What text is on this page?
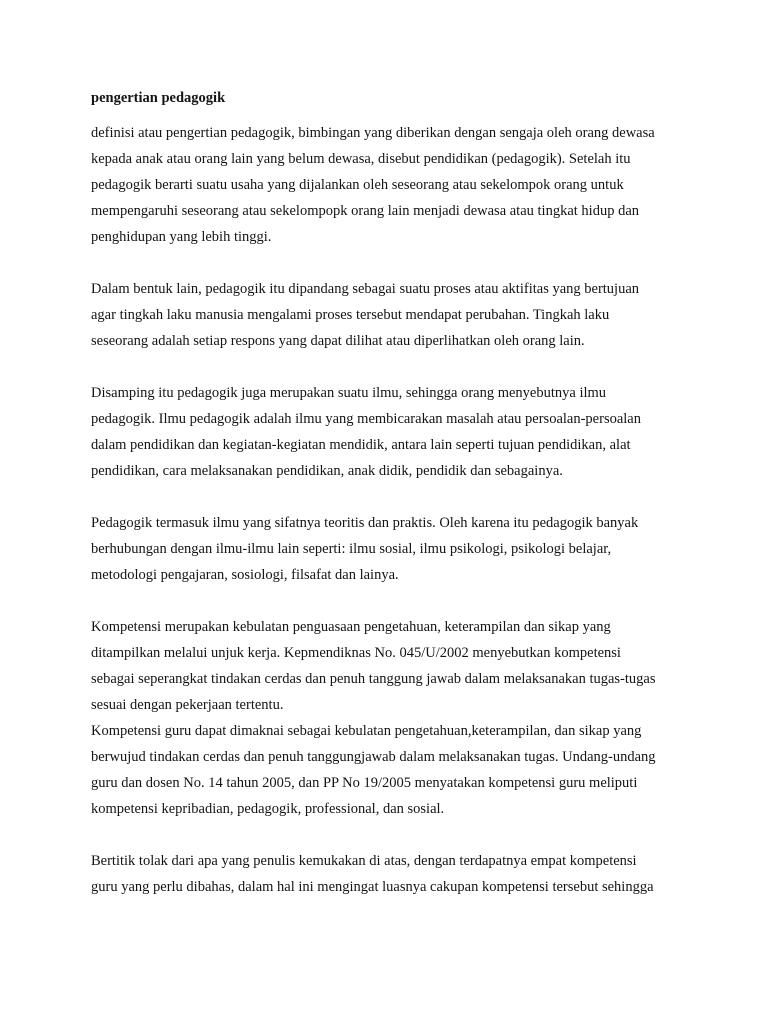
pengertian pedagogik

definisi atau pengertian pedagogik, bimbingan yang diberikan dengan sengaja oleh orang dewasa
kepada anak atau orang lain yang belum dewasa, disebut pendidikan (pedagogik). Setelah itu
pedagogik berarti suatu usaha yang dijalankan oleh seseorang atau sekelompok orang untuk
mempengaruhi seseorang atau sekelompopk orang lain menjadi dewasa atau tingkat hidup dan
penghidupan yang lebih tinggi.

Dalam bentuk lain, pedagogik itu dipandang sebagai suatu proses atau aktifitas yang bertujuan
agar tingkah laku manusia mengalami proses tersebut mendapat perubahan. Tingkah laku
seseorang adalah setiap respons yang dapat dilihat atau diperlihatkan oleh orang lain.

Disamping itu pedagogik juga merupakan suatu ilmu, sehingga orang menyebutnya ilmu
pedagogik. Ilmu pedagogik adalah ilmu yang membicarakan masalah atau persoalan-persoalan
dalam pendidikan dan kegiatan-kegiatan mendidik, antara lain seperti tujuan pendidikan, alat
pendidikan, cara melaksanakan pendidikan, anak didik, pendidik dan sebagainya.

Pedagogik termasuk ilmu yang sifatnya teoritis dan praktis. Oleh karena itu pedagogik banyak
berhubungan dengan ilmu-ilmu lain seperti: ilmu sosial, ilmu psikologi, psikologi belajar,
metodologi pengajaran, sosiologi, filsafat dan lainya.

Kompetensi merupakan kebulatan penguasaan pengetahuan, keterampilan dan sikap yang
ditampilkan melalui unjuk kerja. Kepmendiknas No. 045/U/2002 menyebutkan kompetensi
sebagai seperangkat tindakan cerdas dan penuh tanggung jawab dalam melaksanakan tugas-tugas
sesuai dengan pekerjaan tertentu.
Kompetensi guru dapat dimaknai sebagai kebulatan pengetahuan,keterampilan, dan sikap yang
berwujud tindakan cerdas dan penuh tanggungjawab dalam melaksanakan tugas. Undang-undang
guru dan dosen No. 14 tahun 2005, dan PP No 19/2005 menyatakan kompetensi guru meliputi
kompetensi kepribadian, pedagogik, professional, dan sosial.

Bertitik tolak dari apa yang penulis kemukakan di atas, dengan terdapatnya empat kompetensi
guru yang perlu dibahas, dalam hal ini mengingat luasnya cakupan kompetensi tersebut sehingga
